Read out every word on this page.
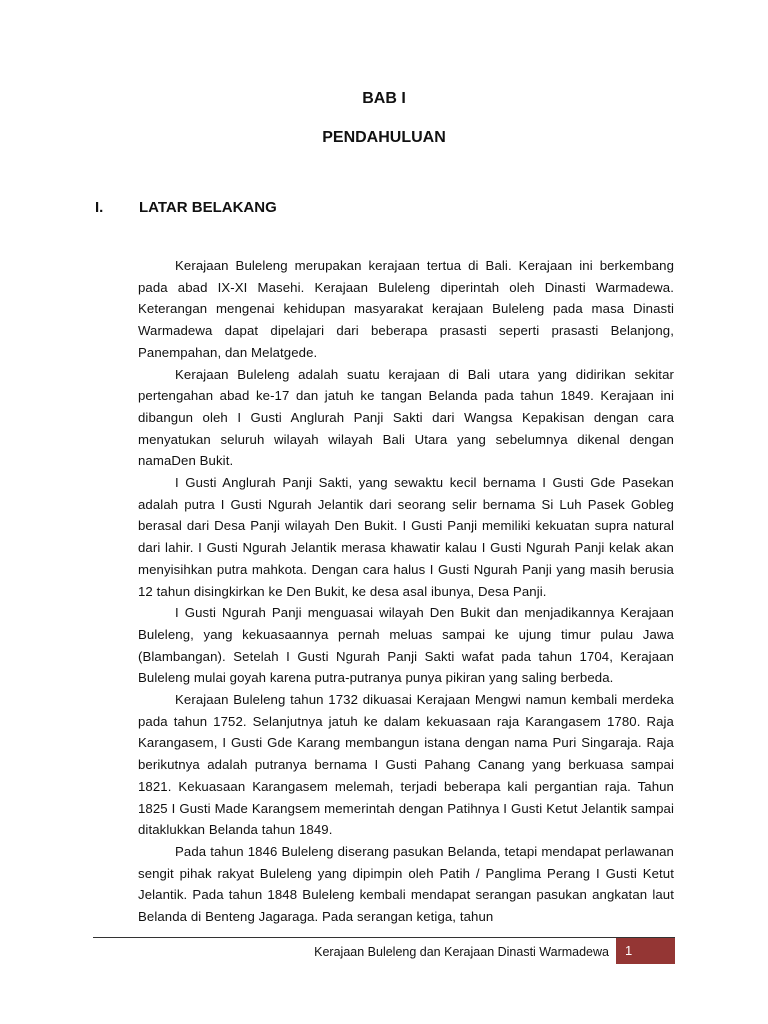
BAB I
PENDAHULUAN
I. LATAR BELAKANG

Kerajaan Buleleng merupakan kerajaan tertua di Bali. Kerajaan ini berkembang pada abad IX-XI Masehi. Kerajaan Buleleng diperintah oleh Dinasti Warmadewa. Keterangan mengenai kehidupan masyarakat kerajaan Buleleng pada masa Dinasti Warmadewa dapat dipelajari dari beberapa prasasti seperti prasasti Belanjong, Panempahan, dan Melatgede.

Kerajaan Buleleng adalah suatu kerajaan di Bali utara yang didirikan sekitar pertengahan abad ke-17 dan jatuh ke tangan Belanda pada tahun 1849. Kerajaan ini dibangun oleh I Gusti Anglurah Panji Sakti dari Wangsa Kepakisan dengan cara menyatukan seluruh wilayah wilayah Bali Utara yang sebelumnya dikenal dengan namaDen Bukit.

I Gusti Anglurah Panji Sakti, yang sewaktu kecil bernama I Gusti Gde Pasekan adalah putra I Gusti Ngurah Jelantik dari seorang selir bernama Si Luh Pasek Gobleg berasal dari Desa Panji wilayah Den Bukit. I Gusti Panji memiliki kekuatan supra natural dari lahir. I Gusti Ngurah Jelantik merasa khawatir kalau I Gusti Ngurah Panji kelak akan menyisihkan putra mahkota. Dengan cara halus I Gusti Ngurah Panji yang masih berusia 12 tahun disingkirkan ke Den Bukit, ke desa asal ibunya, Desa Panji.

I Gusti Ngurah Panji menguasai wilayah Den Bukit dan menjadikannya Kerajaan Buleleng, yang kekuasaannya pernah meluas sampai ke ujung timur pulau Jawa (Blambangan). Setelah I Gusti Ngurah Panji Sakti wafat pada tahun 1704, Kerajaan Buleleng mulai goyah karena putra-putranya punya pikiran yang saling berbeda.

Kerajaan Buleleng tahun 1732 dikuasai Kerajaan Mengwi namun kembali merdeka pada tahun 1752. Selanjutnya jatuh ke dalam kekuasaan raja Karangasem 1780. Raja Karangasem, I Gusti Gde Karang membangun istana dengan nama Puri Singaraja. Raja berikutnya adalah putranya bernama I Gusti Pahang Canang yang berkuasa sampai 1821. Kekuasaan Karangasem melemah, terjadi beberapa kali pergantian raja. Tahun 1825 I Gusti Made Karangsem memerintah dengan Patihnya I Gusti Ketut Jelantik sampai ditaklukkan Belanda tahun 1849.

Pada tahun 1846 Buleleng diserang pasukan Belanda, tetapi mendapat perlawanan sengit pihak rakyat Buleleng yang dipimpin oleh Patih / Panglima Perang I Gusti Ketut Jelantik. Pada tahun 1848 Buleleng kembali mendapat serangan pasukan angkatan laut Belanda di Benteng Jagaraga. Pada serangan ketiga, tahun

Kerajaan Buleleng dan Kerajaan Dinasti Warmadewa	1
